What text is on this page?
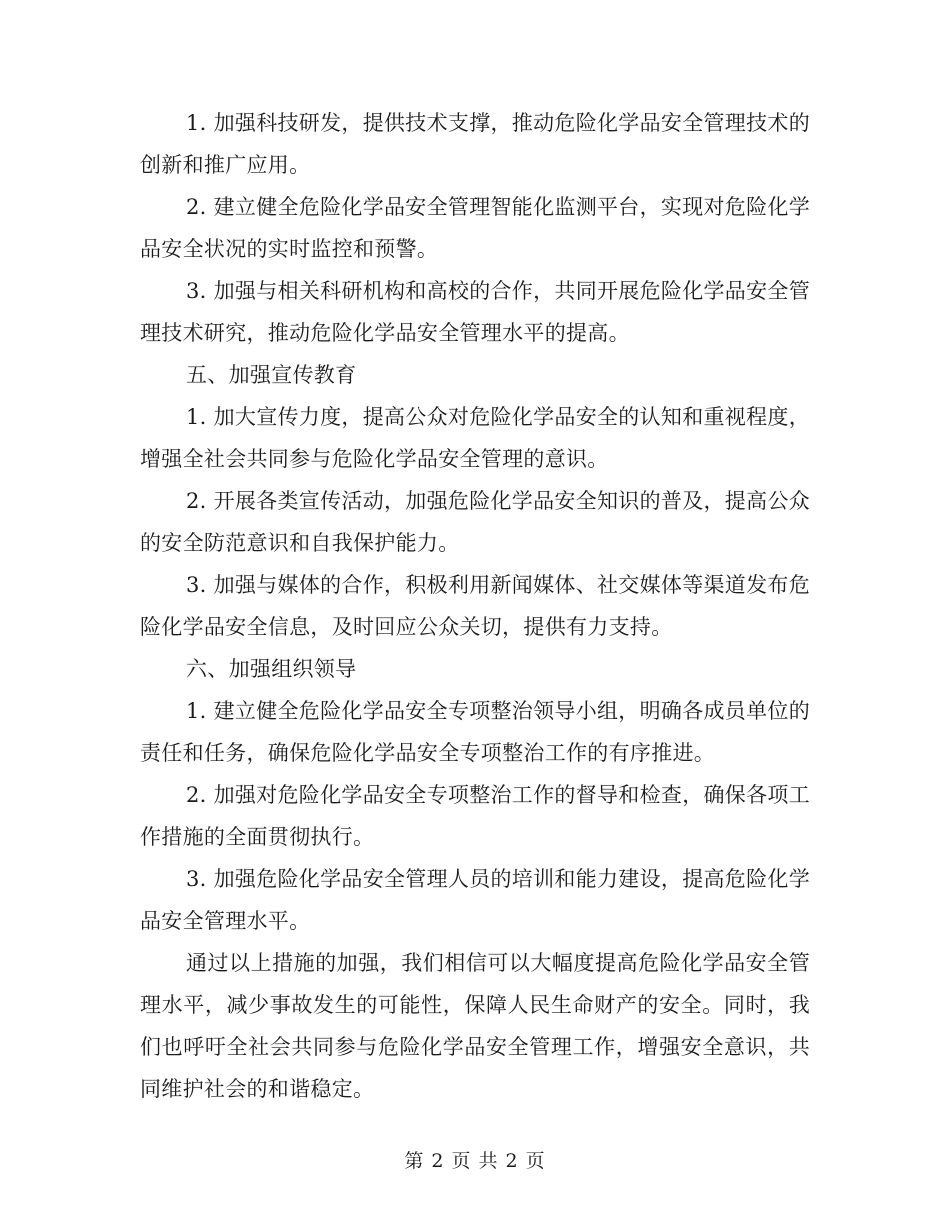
1. 加强科技研发，提供技术支撑，推动危险化学品安全管理技术的创新和推广应用。

2. 建立健全危险化学品安全管理智能化监测平台，实现对危险化学品安全状况的实时监控和预警。

3. 加强与相关科研机构和高校的合作，共同开展危险化学品安全管理技术研究，推动危险化学品安全管理水平的提高。

五、加强宣传教育

1. 加大宣传力度，提高公众对危险化学品安全的认知和重视程度，增强全社会共同参与危险化学品安全管理的意识。

2. 开展各类宣传活动，加强危险化学品安全知识的普及，提高公众的安全防范意识和自我保护能力。

3. 加强与媒体的合作，积极利用新闻媒体、社交媒体等渠道发布危险化学品安全信息，及时回应公众关切，提供有力支持。

六、加强组织领导

1. 建立健全危险化学品安全专项整治领导小组，明确各成员单位的责任和任务，确保危险化学品安全专项整治工作的有序推进。

2. 加强对危险化学品安全专项整治工作的督导和检查，确保各项工作措施的全面贯彻执行。

3. 加强危险化学品安全管理人员的培训和能力建设，提高危险化学品安全管理水平。

通过以上措施的加强，我们相信可以大幅度提高危险化学品安全管理水平，减少事故发生的可能性，保障人民生命财产的安全。同时，我们也呼吁全社会共同参与危险化学品安全管理工作，增强安全意识，共同维护社会的和谐稳定。

第 2 页 共 2 页
